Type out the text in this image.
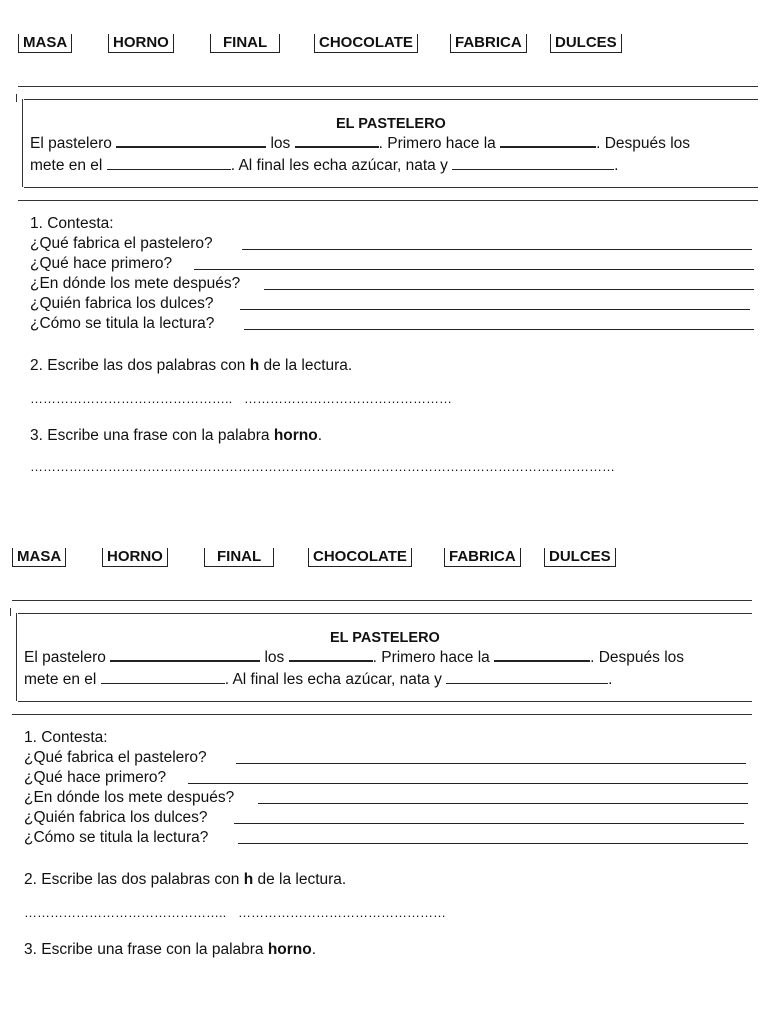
MASA	HORNO	FINAL	CHOCOLATE	FABRICA	DULCES
EL PASTELERO
El pastelero	los	. Primero hace la	. Después los
mete en el	. Al final les echa azúcar, nata y	.
1. Contesta:
¿Qué fabrica el pastelero?
¿Qué hace primero?
¿En dónde los mete después?
¿Quién fabrica los dulces?
¿Cómo se titula la lectura?
2. Escribe las dos palabras con h de la lectura.
……………………………………….. …………………………………………
3. Escribe una frase con la palabra horno.
………………………………………………………………………………………………………………………
MASA	HORNO	FINAL	CHOCOLATE	FABRICA	DULCES
EL PASTELERO
El pastelero	los	. Primero hace la	. Después los
mete en el	. Al final les echa azúcar, nata y	.
1. Contesta:
¿Qué fabrica el pastelero?
¿Qué hace primero?
¿En dónde los mete después?
¿Quién fabrica los dulces?
¿Cómo se titula la lectura?
2. Escribe las dos palabras con h de la lectura.
……………………………………….. …………………………………………
3. Escribe una frase con la palabra horno.
